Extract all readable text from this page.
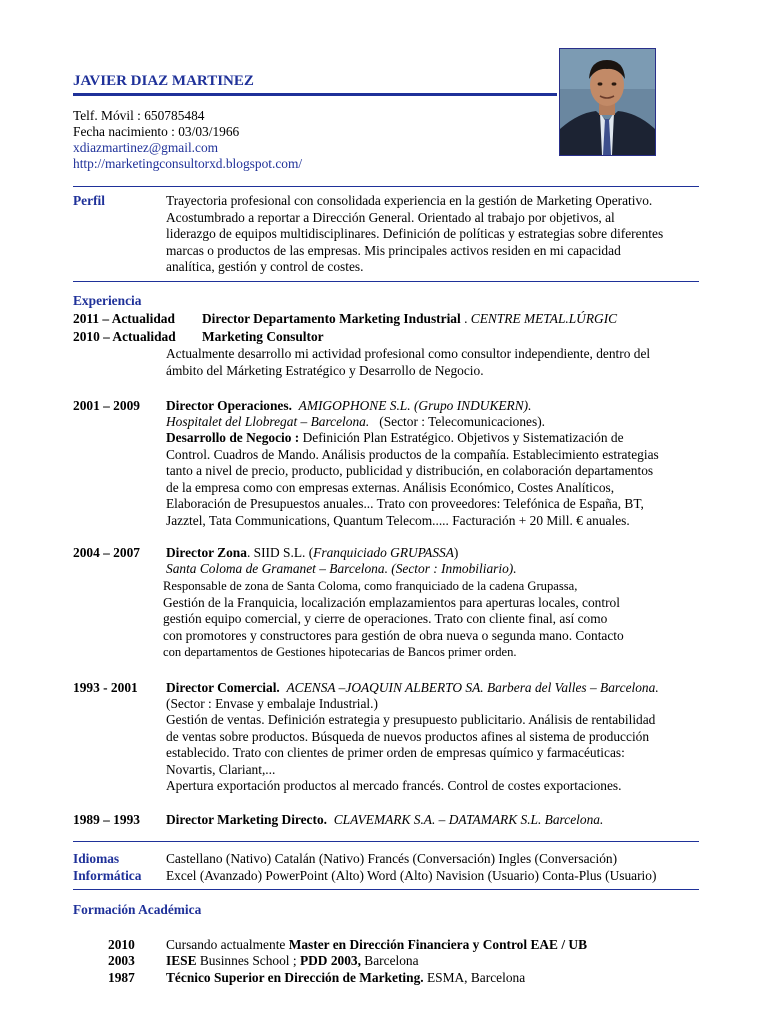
JAVIER DIAZ MARTINEZ
Telf. Móvil : 650785484
Fecha nacimiento : 03/03/1966
xdiazmartinez@gmail.com
http://marketingconsultorxd.blogspot.com/
Perfil	Trayectoria profesional con consolidada experiencia en la gestión de Marketing Operativo.
Acostumbrado a reportar a Dirección General. Orientado al trabajo por objetivos, al
liderazgo de equipos multidisciplinares. Definición de políticas y estrategias sobre diferentes
marcas o productos de las empresas. Mis principales activos residen en mi capacidad
analítica, gestión y control de costes.
Experiencia
2011 – Actualidad Director Departamento Marketing Industrial . CENTRE METAL.LÚRGIC
2010 – Actualidad Marketing Consultor
Actualmente desarrollo mi actividad profesional como consultor independiente, dentro del
ámbito del Márketing Estratégico y Desarrollo de Negocio.
2001 – 2009 Director Operaciones. AMIGOPHONE S.L. (Grupo INDUKERN).
Hospitalet del Llobregat – Barcelona. (Sector : Telecomunicaciones).
Desarrollo de Negocio : Definición Plan Estratégico. Objetivos y Sistematización de
Control. Cuadros de Mando. Análisis productos de la compañía. Establecimiento estrategias
tanto a nivel de precio, producto, publicidad y distribución, en colaboración departamentos
de la empresa como con empresas externas. Análisis Económico, Costes Analíticos,
Elaboración de Presupuestos anuales... Trato con proveedores: Telefónica de España, BT,
Jazztel, Tata Communications, Quantum Telecom..... Facturación + 20 Mill. € anuales.
2004 – 2007 Director Zona. SIID S.L. (Franquiciado GRUPASSA)
Santa Coloma de Gramanet – Barcelona. (Sector : Inmobiliario).
Responsable de zona de Santa Coloma, como franquiciado de la cadena Grupassa,
Gestión de la Franquicia, localización emplazamientos para aperturas locales, control
gestión equipo comercial, y cierre de operaciones. Trato con cliente final, así como
con promotores y constructores para gestión de obra nueva o segunda mano. Contacto
con departamentos de Gestiones hipotecarias de Bancos primer orden.
1993 - 2001 Director Comercial. ACENSA –JOAQUIN ALBERTO SA. Barbera del Valles – Barcelona.
(Sector : Envase y embalaje Industrial.)
Gestión de ventas. Definición estrategia y presupuesto publicitario. Análisis de rentabilidad
de ventas sobre productos. Búsqueda de nuevos productos afines al sistema de producción
establecido. Trato con clientes de primer orden de empresas químico y farmacéuticas:
Novartis, Clariant,...
Apertura exportación productos al mercado francés. Control de costes exportaciones.
1989 – 1993 Director Marketing Directo. CLAVEMARK S.A. – DATAMARK S.L. Barcelona.
Idiomas	Castellano (Nativo) Catalán (Nativo) Francés (Conversación) Ingles (Conversación)
Informática Excel (Avanzado) PowerPoint (Alto) Word (Alto) Navision (Usuario) Conta-Plus (Usuario)
Formación Académica
2010 Cursando actualmente Master en Dirección Financiera y Control EAE / UB
2003 IESE Businnes School ; PDD 2003, Barcelona
1987 Técnico Superior en Dirección de Marketing. ESMA, Barcelona
